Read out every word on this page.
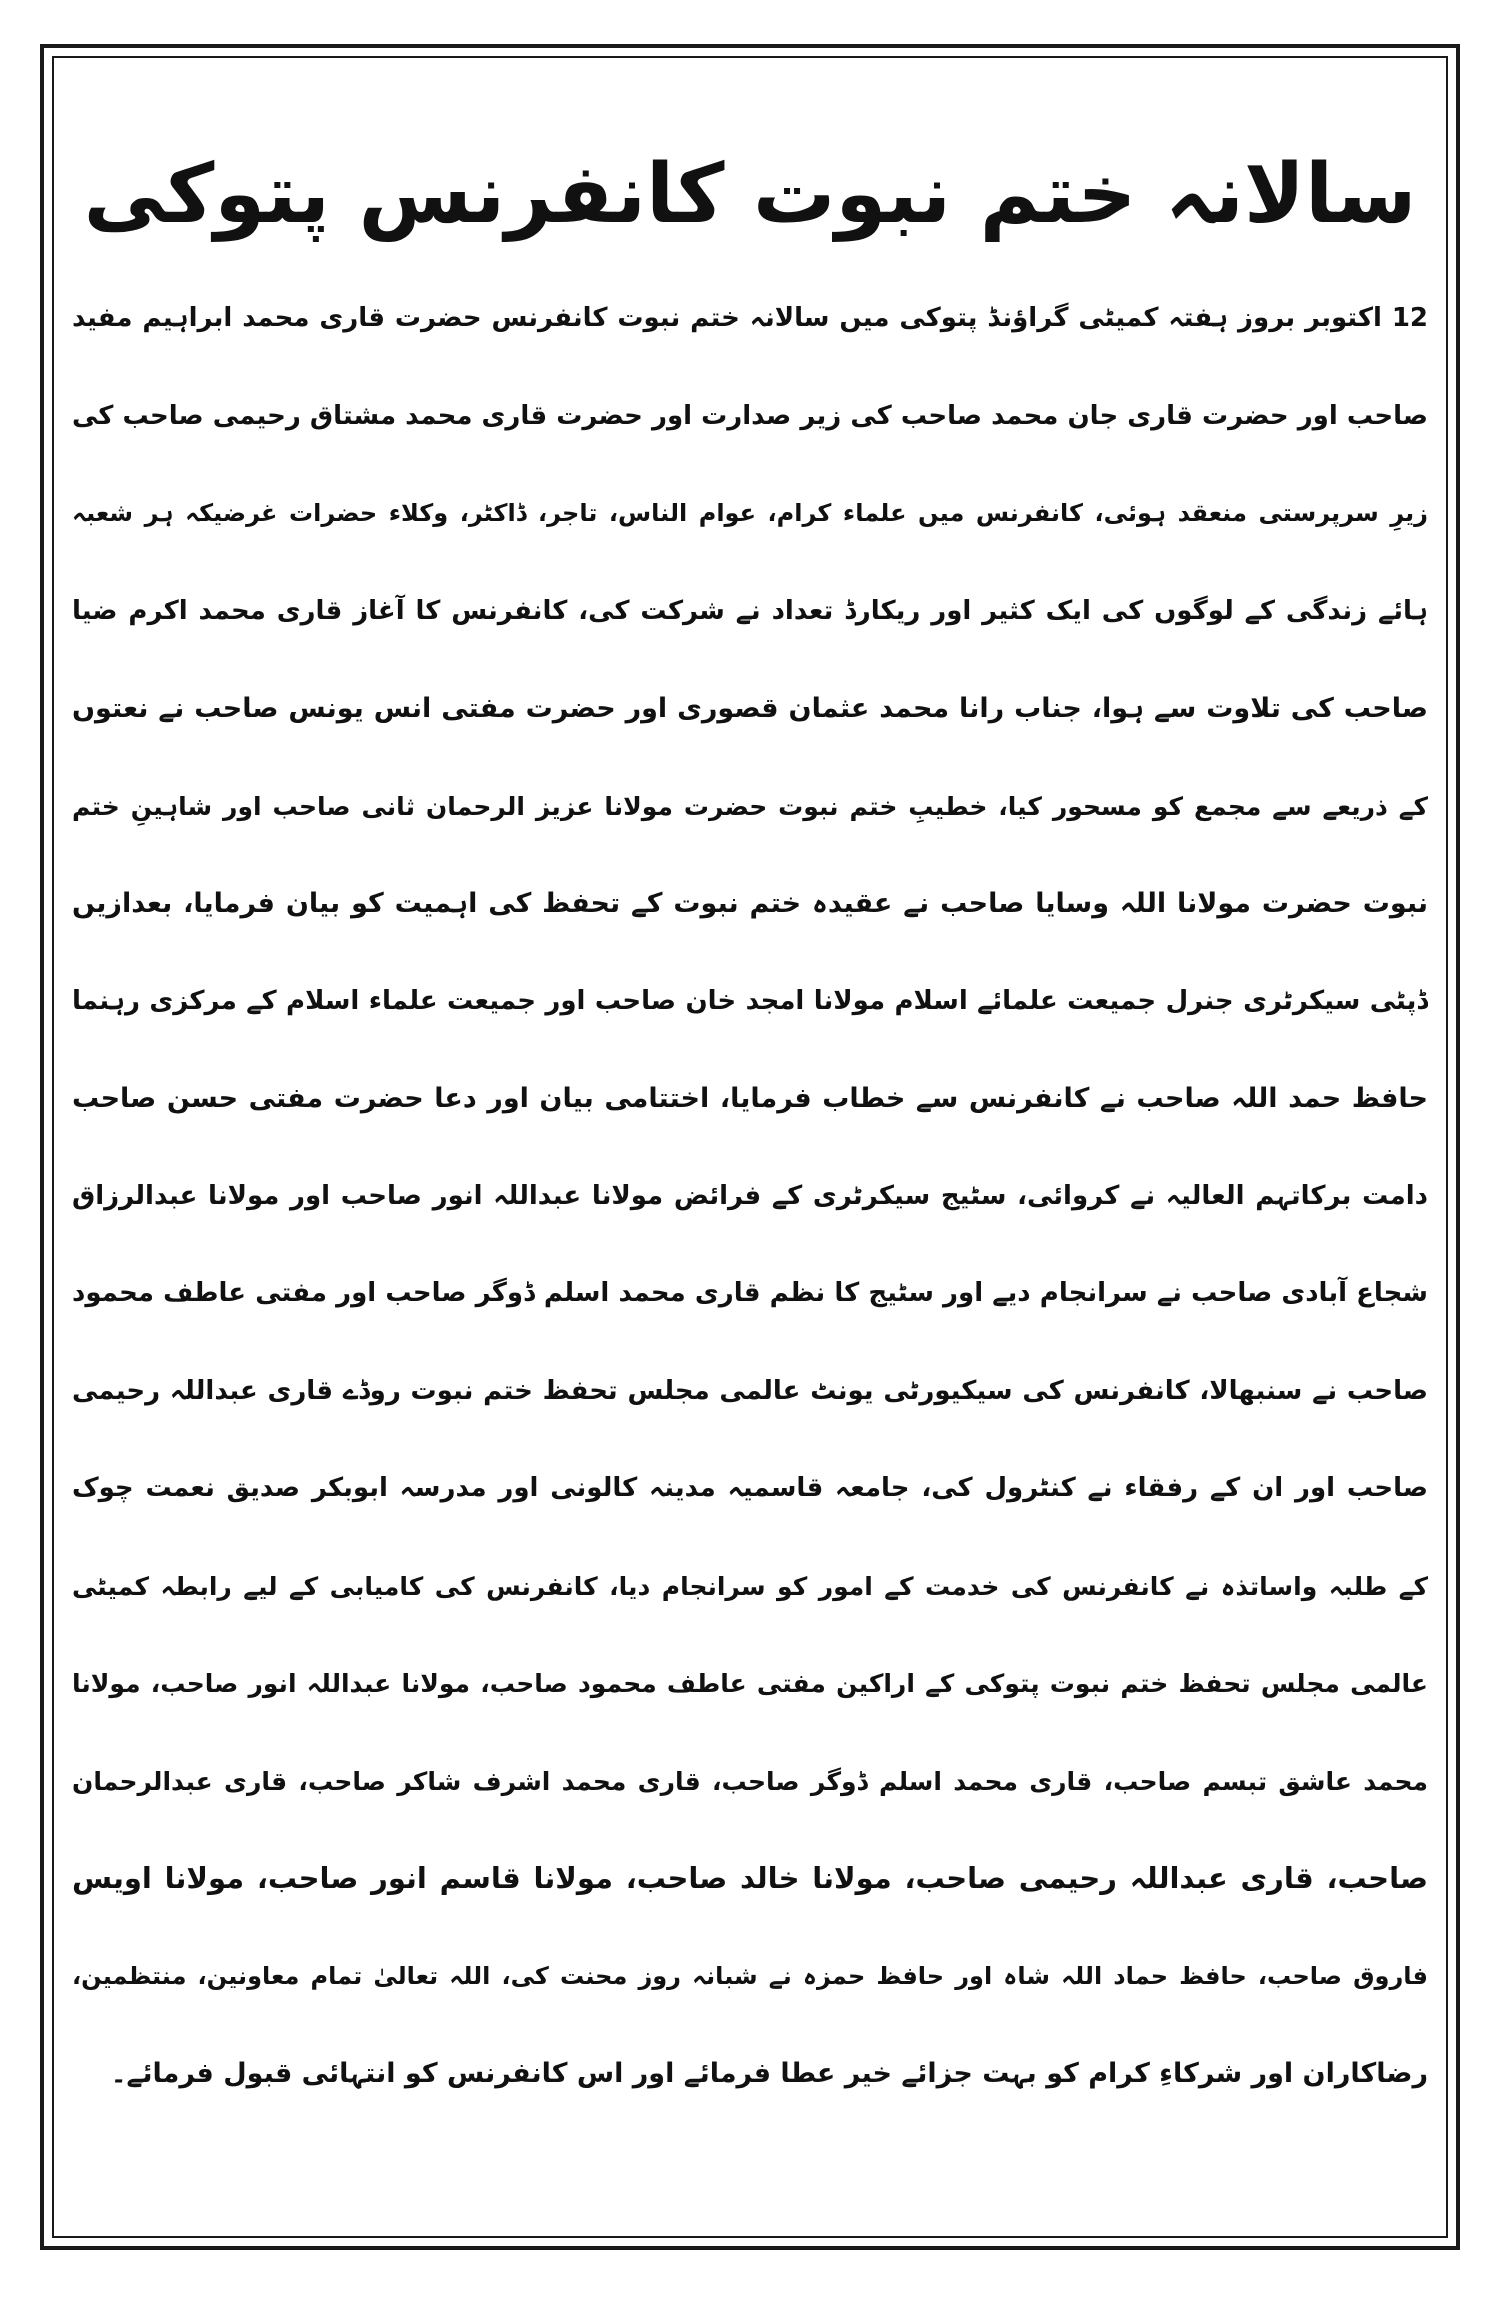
سالانہ ختم نبوت کانفرنس پتوکی
12 اکتوبر بروز ہفتہ کمیٹی گراؤنڈ پتوکی میں سالانہ ختم نبوت کانفرنس حضرت قاری محمد ابراہیم مفید
صاحب اور حضرت قاری جان محمد صاحب کی زیر صدارت اور حضرت قاری محمد مشتاق رحیمی صاحب کی
زیرِ سرپرستی منعقد ہوئی، کانفرنس میں علماء کرام، عوام الناس، تاجر، ڈاکٹر، وکلاء حضرات غرضیکہ ہر شعبہ
ہائے زندگی کے لوگوں کی ایک کثیر اور ریکارڈ تعداد نے شرکت کی، کانفرنس کا آغاز قاری محمد اکرم ضیا
صاحب کی تلاوت سے ہوا، جناب رانا محمد عثمان قصوری اور حضرت مفتی انس یونس صاحب نے نعتوں
کے ذریعے سے مجمع کو مسحور کیا، خطیبِ ختم نبوت حضرت مولانا عزیز الرحمان ثانی صاحب اور شاہینِ ختم
نبوت حضرت مولانا اللہ وسایا صاحب نے عقیدہ ختم نبوت کے تحفظ کی اہمیت کو بیان فرمایا، بعدازیں
ڈپٹی سیکرٹری جنرل جمیعت علمائے اسلام مولانا امجد خان صاحب اور جمیعت علماء اسلام کے مرکزی رہنما
حافظ حمد اللہ صاحب نے کانفرنس سے خطاب فرمایا، اختتامی بیان اور دعا حضرت مفتی حسن صاحب
دامت برکاتہم العالیہ نے کروائی، سٹیج سیکرٹری کے فرائض مولانا عبداللہ انور صاحب اور مولانا عبدالرزاق
شجاع آبادی صاحب نے سرانجام دیے اور سٹیج کا نظم قاری محمد اسلم ڈوگر صاحب اور مفتی عاطف محمود
صاحب نے سنبھالا، کانفرنس کی سیکیورٹی یونٹ عالمی مجلس تحفظ ختم نبوت روڈے قاری عبداللہ رحیمی
صاحب اور ان کے رفقاء نے کنٹرول کی، جامعہ قاسمیہ مدینہ کالونی اور مدرسہ ابوبکر صدیق نعمت چوک
کے طلبہ واساتذہ نے کانفرنس کی خدمت کے امور کو سرانجام دیا، کانفرنس کی کامیابی کے لیے رابطہ کمیٹی
عالمی مجلس تحفظ ختم نبوت پتوکی کے اراکین مفتی عاطف محمود صاحب، مولانا عبداللہ انور صاحب، مولانا
محمد عاشق تبسم صاحب، قاری محمد اسلم ڈوگر صاحب، قاری محمد اشرف شاکر صاحب، قاری عبدالرحمان
صاحب، قاری عبداللہ رحیمی صاحب، مولانا خالد صاحب، مولانا قاسم انور صاحب، مولانا اویس
فاروق صاحب، حافظ حماد اللہ شاہ اور حافظ حمزہ نے شبانہ روز محنت کی، اللہ تعالیٰ تمام معاونین، منتظمین،
رضاکاران اور شرکاءِ کرام کو بہت جزائے خیر عطا فرمائے اور اس کانفرنس کو انتہائی قبول فرمائے۔
